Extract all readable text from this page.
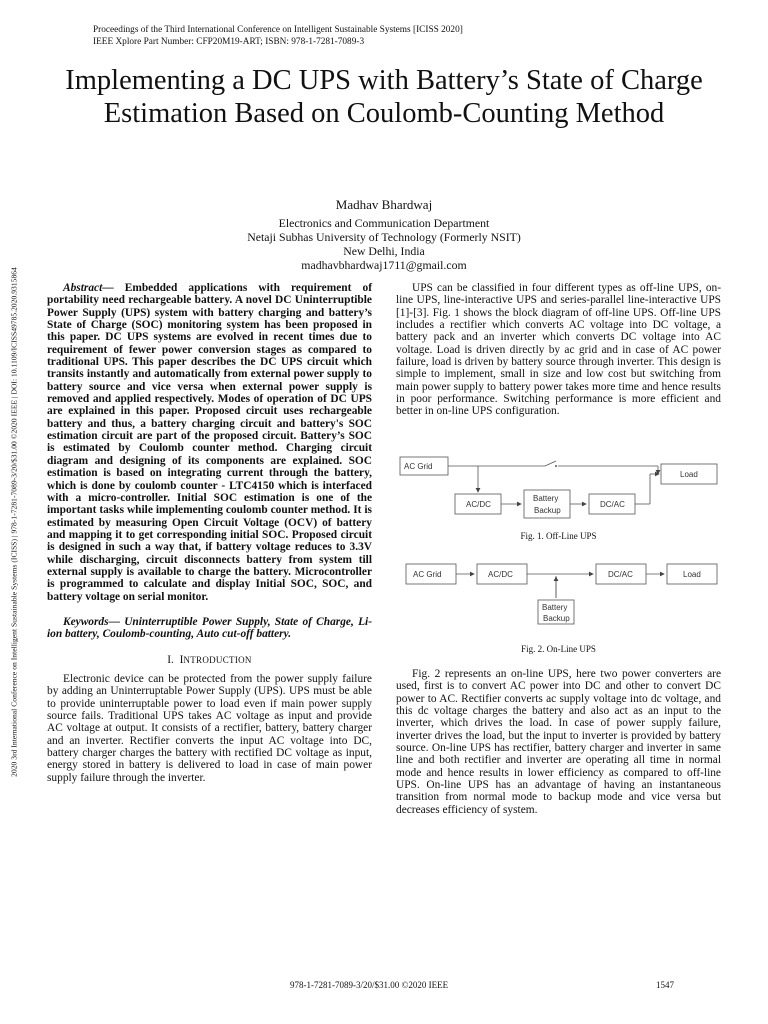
Proceedings of the Third International Conference on Intelligent Sustainable Systems [ICISS 2020]
IEEE Xplore Part Number: CFP20M19-ART; ISBN: 978-1-7281-7089-3
2020 3rd International Conference on Intelligent Sustainable Systems (ICISS) | 978-1-7281-7089-3/20/$31.00 ©2020 IEEE | DOI: 10.1109/ICISS49785.2020.9315864
Implementing a DC UPS with Battery’s State of Charge Estimation Based on Coulomb-Counting Method
Madhav Bhardwaj
Electronics and Communication Department
Netaji Subhas University of Technology (Formerly NSIT)
New Delhi, India
madhavbhardwaj1711@gmail.com
Abstract— Embedded applications with requirement of portability need rechargeable battery. A novel DC Uninterruptible Power Supply (UPS) system with battery charging and battery’s State of Charge (SOC) monitoring system has been proposed in this paper. DC UPS systems are evolved in recent times due to requirement of fewer power conversion stages as compared to traditional UPS. This paper describes the DC UPS circuit which transits instantly and automatically from external power supply to battery source and vice versa when external power supply is removed and applied respectively. Modes of operation of DC UPS are explained in this paper. Proposed circuit uses rechargeable battery and thus, a battery charging circuit and battery's SOC estimation circuit are part of the proposed circuit. Battery’s SOC is estimated by Coulomb counter method. Charging circuit diagram and designing of its components are explained. SOC estimation is based on integrating current through the battery, which is done by coulomb counter - LTC4150 which is interfaced with a micro-controller. Initial SOC estimation is one of the important tasks while implementing coulomb counter method. It is estimated by measuring Open Circuit Voltage (OCV) of battery and mapping it to get corresponding initial SOC. Proposed circuit is designed in such a way that, if battery voltage reduces to 3.3V while discharging, circuit disconnects battery from system till external supply is available to charge the battery. Microcontroller is programmed to calculate and display Initial SOC, SOC, and battery voltage on serial monitor.
Keywords— Uninterruptible Power Supply, State of Charge, Li-ion battery, Coulomb-counting, Auto cut-off battery.
I. INTRODUCTION

Electronic device can be protected from the power supply failure by adding an Uninterruptable Power Supply (UPS). UPS must be able to provide uninterruptable power to load even if main power supply source fails. Traditional UPS takes AC voltage as input and provide AC voltage at output. It consists of a rectifier, battery, battery charger and an inverter. Rectifier converts the input AC voltage into DC, battery charger charges the battery with rectified DC voltage as input, energy stored in battery is delivered to load in case of main power supply failure through the inverter.

UPS can be classified in four different types as off-line UPS, on-line UPS, line-interactive UPS and series-parallel line-interactive UPS [1]-[3]. Fig. 1 shows the block diagram of off-line UPS. Off-line UPS includes a rectifier which converts AC voltage into DC voltage, a battery pack and an inverter which converts DC voltage into AC voltage. Load is driven directly by ac grid and in case of AC power failure, load is driven by battery source through inverter. This design is simple to implement, small in size and low cost but switching from main power supply to battery power takes more time and hence results in poor performance. Switching performance is more efficient and better in on-line UPS configuration.

AC Grid
Load
AC/DC
Battery
Backup
DC/AC
Fig. 1. Off-Line UPS
AC Grid	AC/DC	DC/AC	Load
Battery
Backup
Fig. 2. On-Line UPS

Fig. 2 represents an on-line UPS, here two power converters are used, first is to convert AC power into DC and other to convert DC power to AC. Rectifier converts ac supply voltage into dc voltage, and this dc voltage charges the battery and also act as an input to the inverter, which drives the load. In case of power supply failure, inverter drives the load, but the input to inverter is provided by battery source. On-line UPS has rectifier, battery charger and inverter in same line and both rectifier and inverter are operating all time in normal mode and hence results in lower efficiency as compared to off-line UPS. On-line UPS has an advantage of having an instantaneous transition from normal mode to backup mode and vice versa but decreases efficiency of system.

978-1-7281-7089-3/20/$31.00 ©2020 IEEE	1547
